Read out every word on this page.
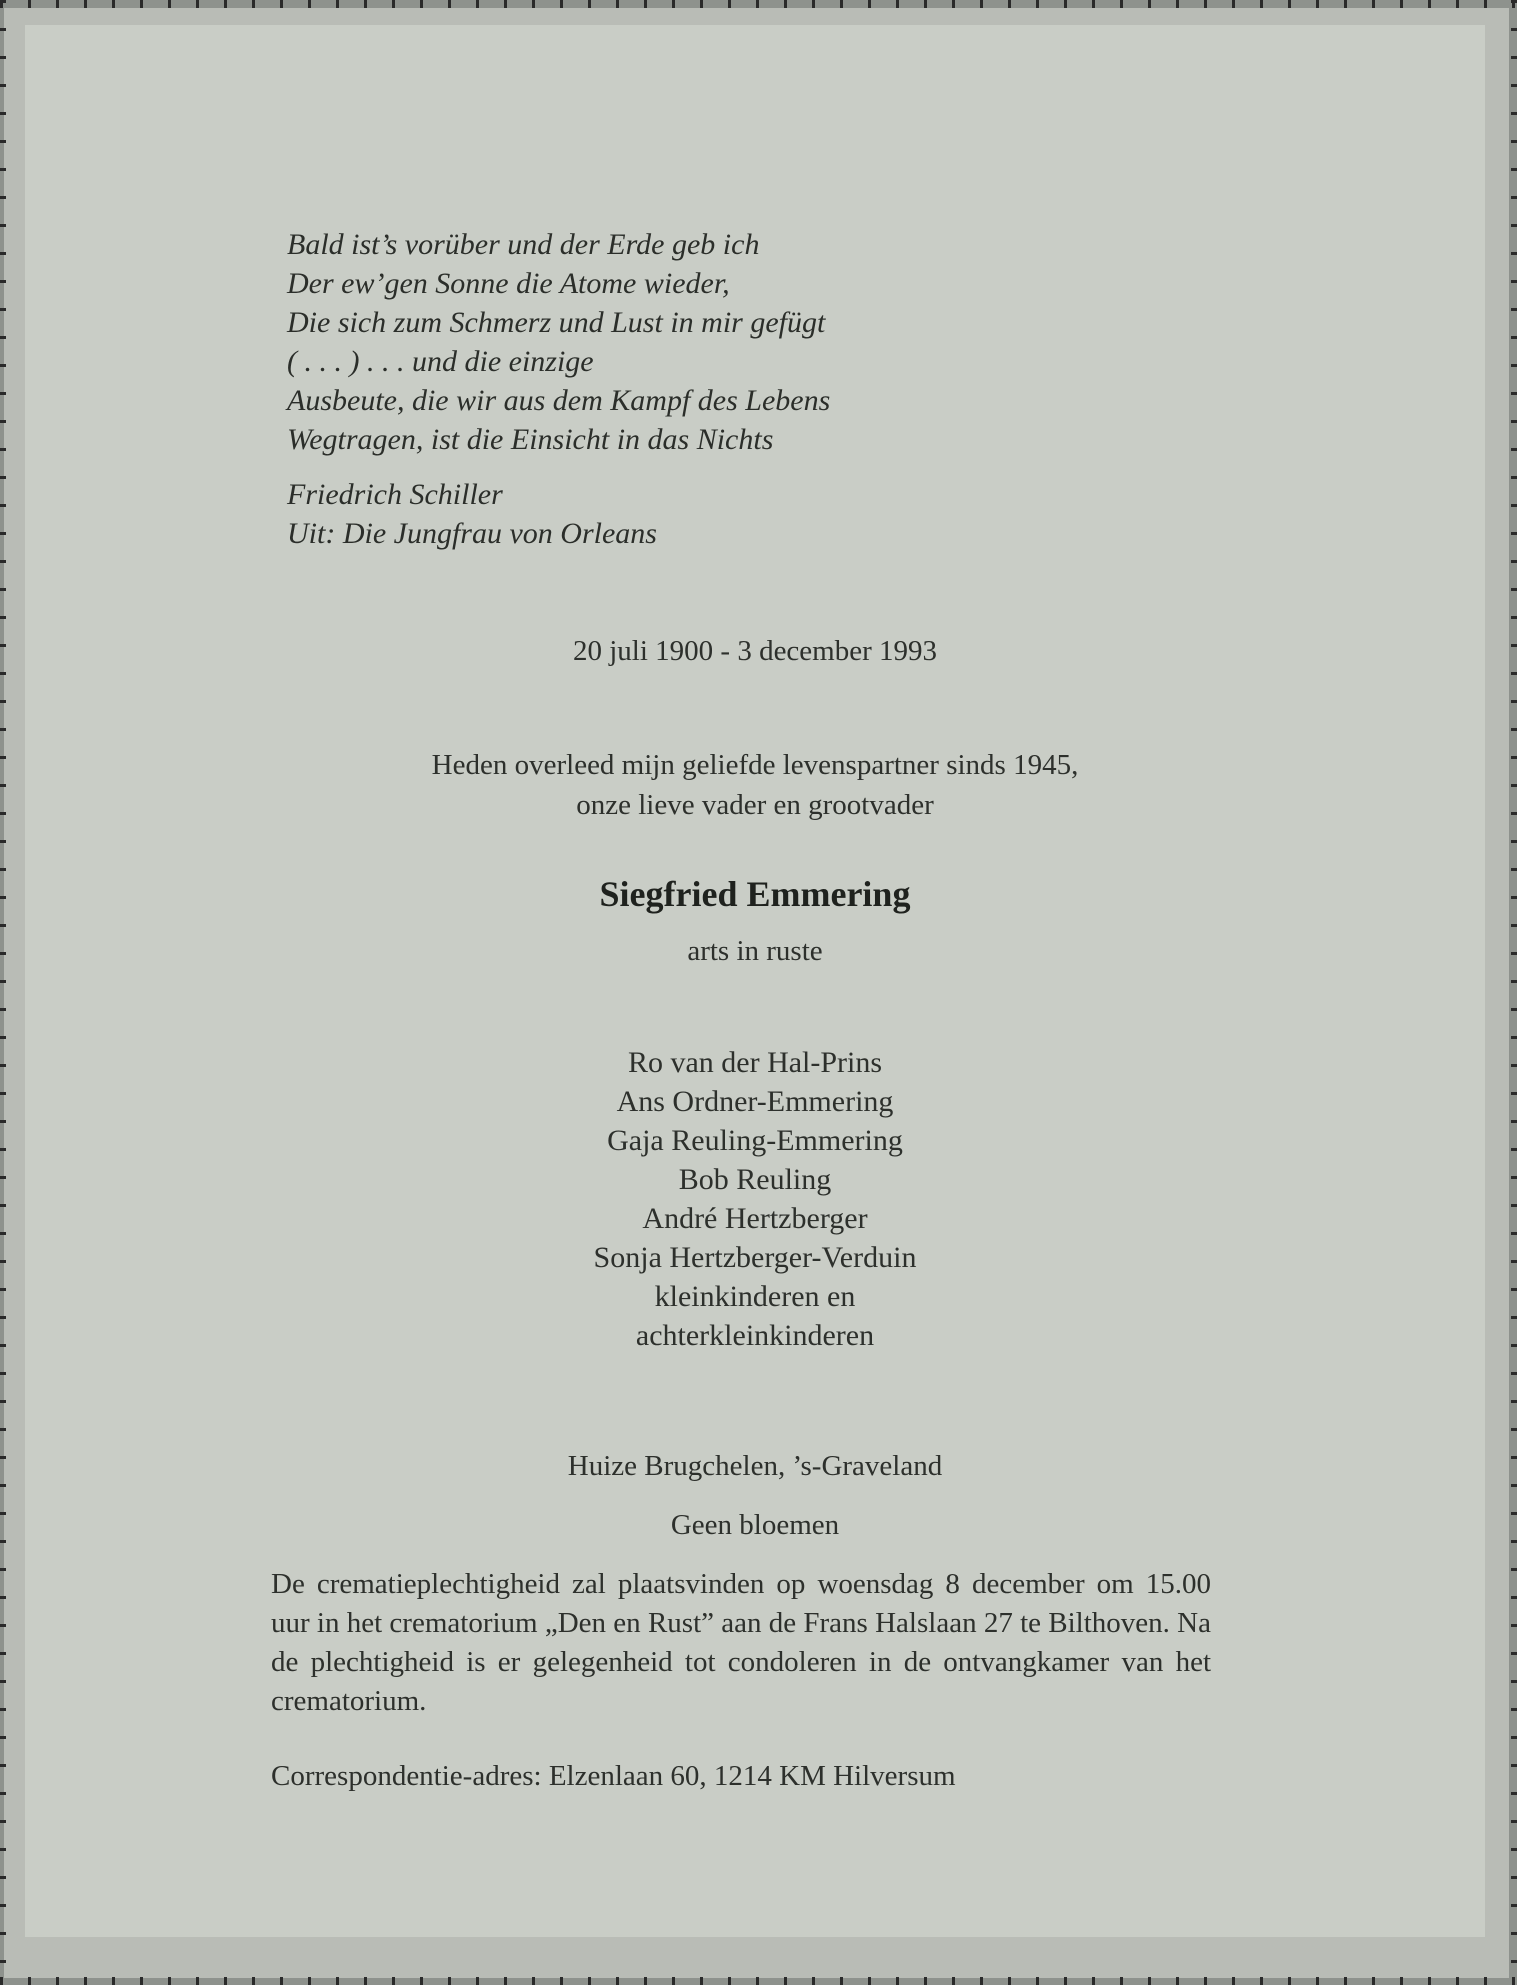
Bald ist’s vorüber und der Erde geb ich
Der ew’gen Sonne die Atome wieder,
Die sich zum Schmerz und Lust in mir gefügt
( . . . ) . . . und die einzige
Ausbeute, die wir aus dem Kampf des Lebens
Wegtragen, ist die Einsicht in das Nichts
Friedrich Schiller
Uit: Die Jungfrau von Orleans
20 juli 1900 - 3 december 1993
Heden overleed mijn geliefde levenspartner sinds 1945,
onze lieve vader en grootvader
Siegfried Emmering
arts in ruste
Ro van der Hal-Prins
Ans Ordner-Emmering
Gaja Reuling-Emmering
Bob Reuling
André Hertzberger
Sonja Hertzberger-Verduin
kleinkinderen en
achterkleinkinderen
Huize Brugchelen, ’s-Graveland
Geen bloemen
De crematieplechtigheid zal plaatsvinden op woensdag 8 december om 15.00 uur in het crematorium „Den en Rust” aan de Frans Halslaan 27 te Bilthoven. Na de plechtigheid is er gelegenheid tot condoleren in de ontvangkamer van het crematorium.
Correspondentie-adres: Elzenlaan 60, 1214 KM Hilversum
